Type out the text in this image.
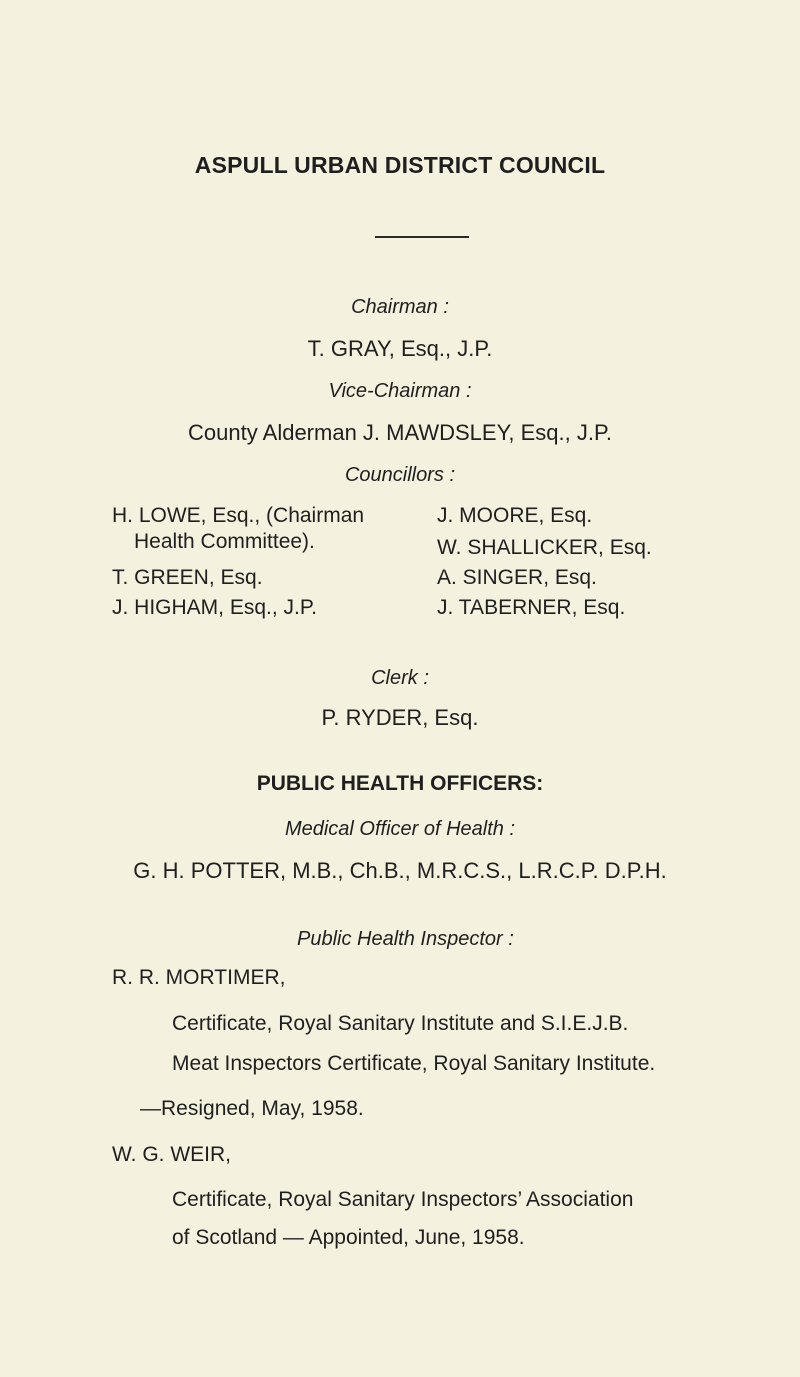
ASPULL URBAN DISTRICT COUNCIL
Chairman :
T. GRAY, Esq., J.P.
Vice-Chairman :
County Alderman J. MAWDSLEY, Esq., J.P.
Councillors :
H. LOWE, Esq., (Chairman
Health Committee).
T. GREEN, Esq.
J. HIGHAM, Esq., J.P.
J. MOORE, Esq.
W. SHALLICKER, Esq.
A. SINGER, Esq.
J. TABERNER, Esq.
Clerk :
P. RYDER, Esq.
PUBLIC HEALTH OFFICERS:
Medical Officer of Health :
G. H. POTTER, M.B., Ch.B., M.R.C.S., L.R.C.P. D.P.H.
Public Health Inspector :
R. R. MORTIMER,
Certificate, Royal Sanitary Institute and S.I.E.J.B.
Meat Inspectors Certificate, Royal Sanitary Institute.
—Resigned, May, 1958.
W. G. WEIR,
Certificate, Royal Sanitary Inspectors’ Association
of Scotland — Appointed, June, 1958.
